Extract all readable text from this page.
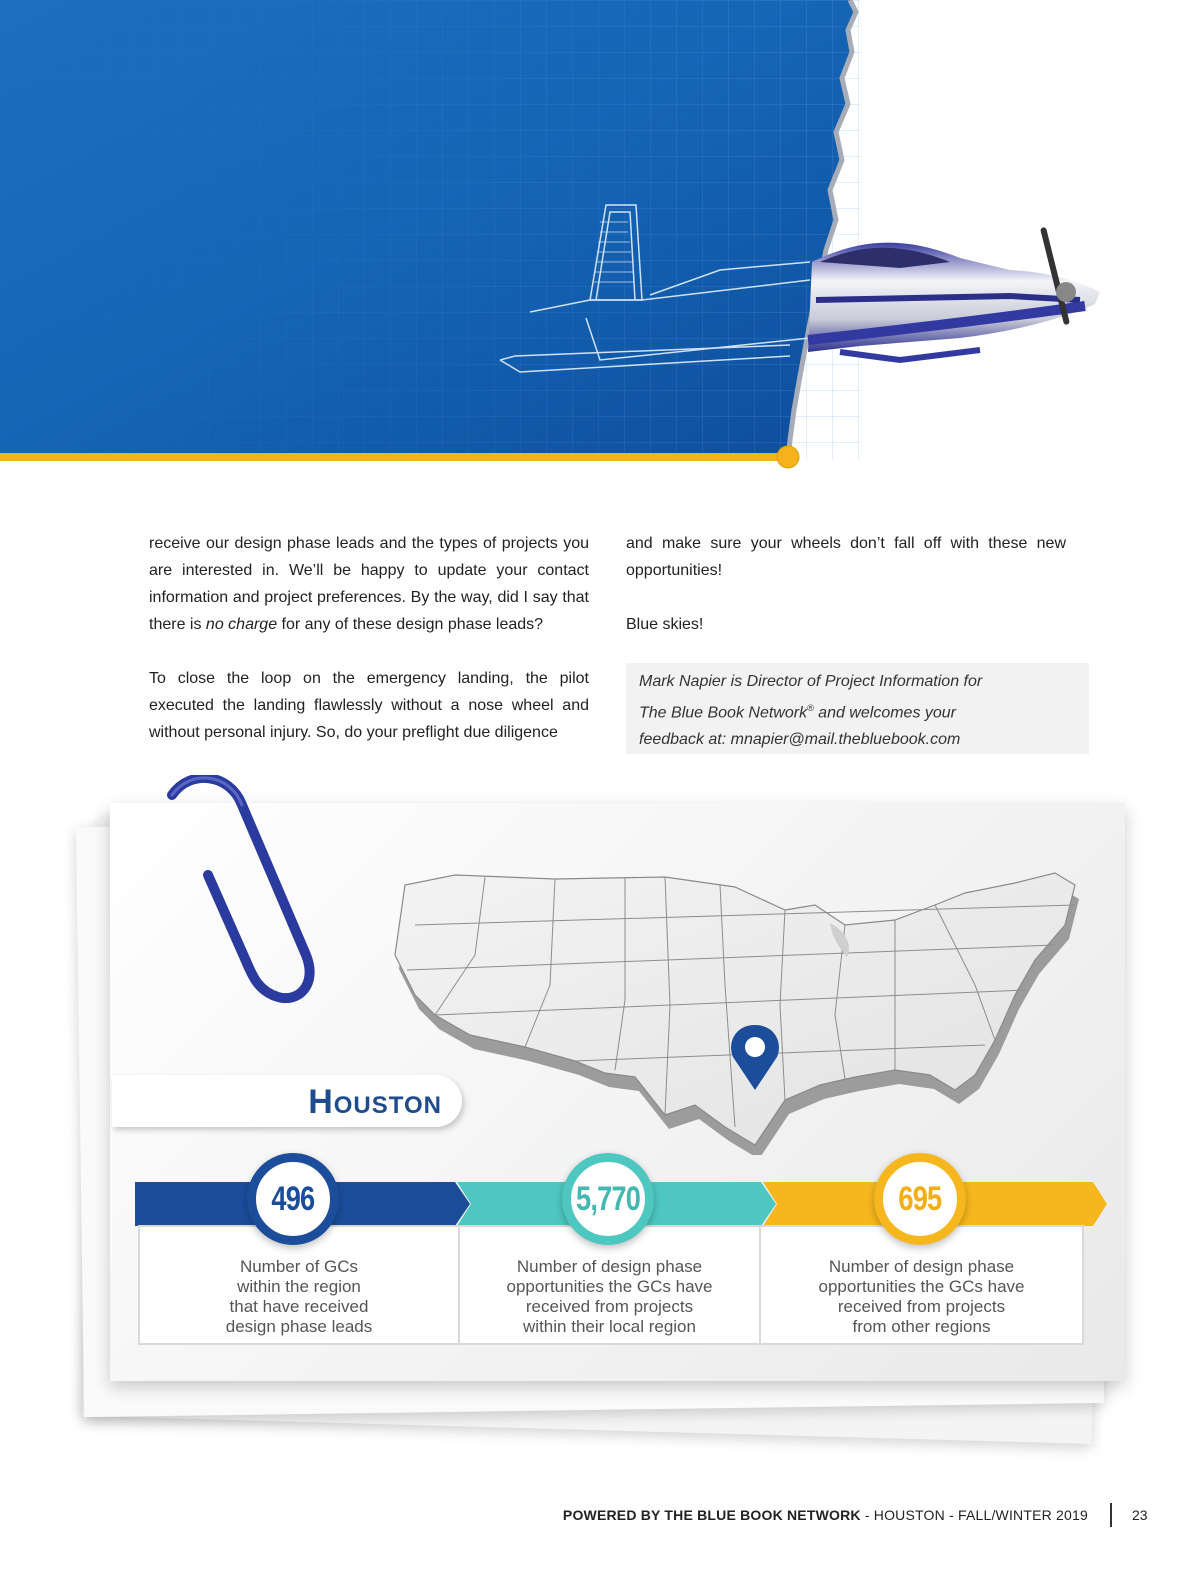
receive our design phase leads and the types of projects you are interested in. We’ll be happy to update your contact information and project preferences. By the way, did I say that there is no charge for any of these design phase leads?

To close the loop on the emergency landing, the pilot executed the landing flawlessly without a nose wheel and without personal injury. So, do your preflight due diligence

and make sure your wheels don’t fall off with these new opportunities!

Blue skies!

Mark Napier is Director of Project Information for
The Blue Book Network® and welcomes your
feedback at: mnapier@mail.thebluebook.com
Houston
Number of GCs
within the region
that have received
design phase leads
Number of design phase
opportunities the GCs have
received from projects
within their local region
Number of design phase
opportunities the GCs have
received from projects
from other regions
496	5,770	695
POWERED BY THE BLUE BOOK NETWORK - HOUSTON - FALL/WINTER 2019	23
